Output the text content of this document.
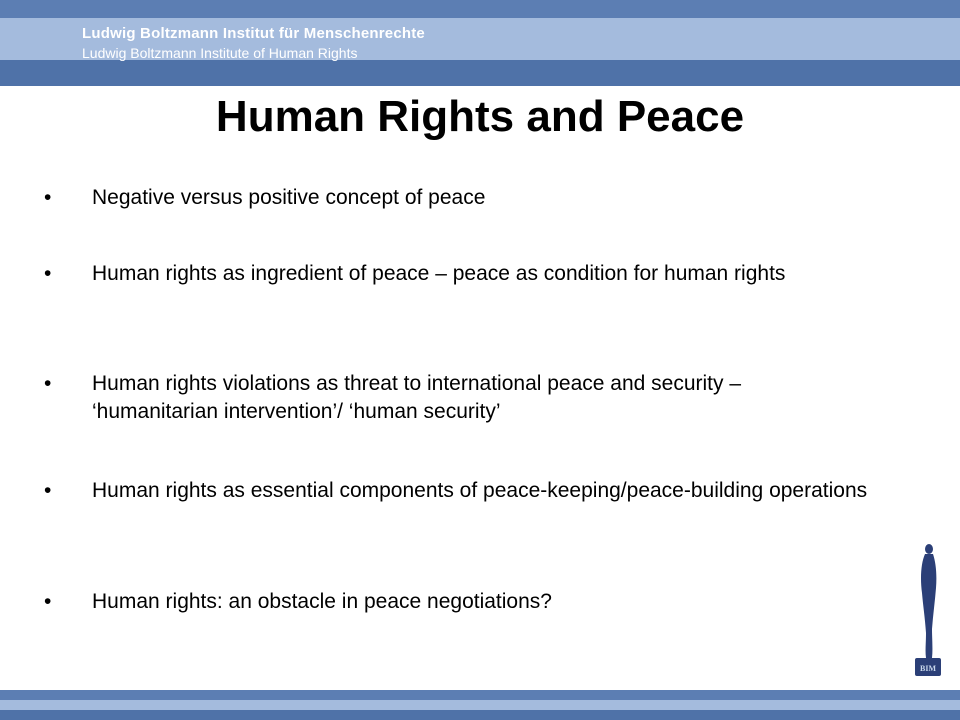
Ludwig Boltzmann Institut für Menschenrechte
Ludwig Boltzmann Institute of Human Rights
Human Rights and Peace
•	Negative versus positive concept of peace
•	Human rights as ingredient of peace – peace as condition for human rights
•	Human rights violations as threat to international peace and security – ‘humanitarian intervention’/ ‘human security’
•	Human rights as essential components of peace-keeping/peace-building operations
•	Human rights: an obstacle in peace negotiations?
BIM
